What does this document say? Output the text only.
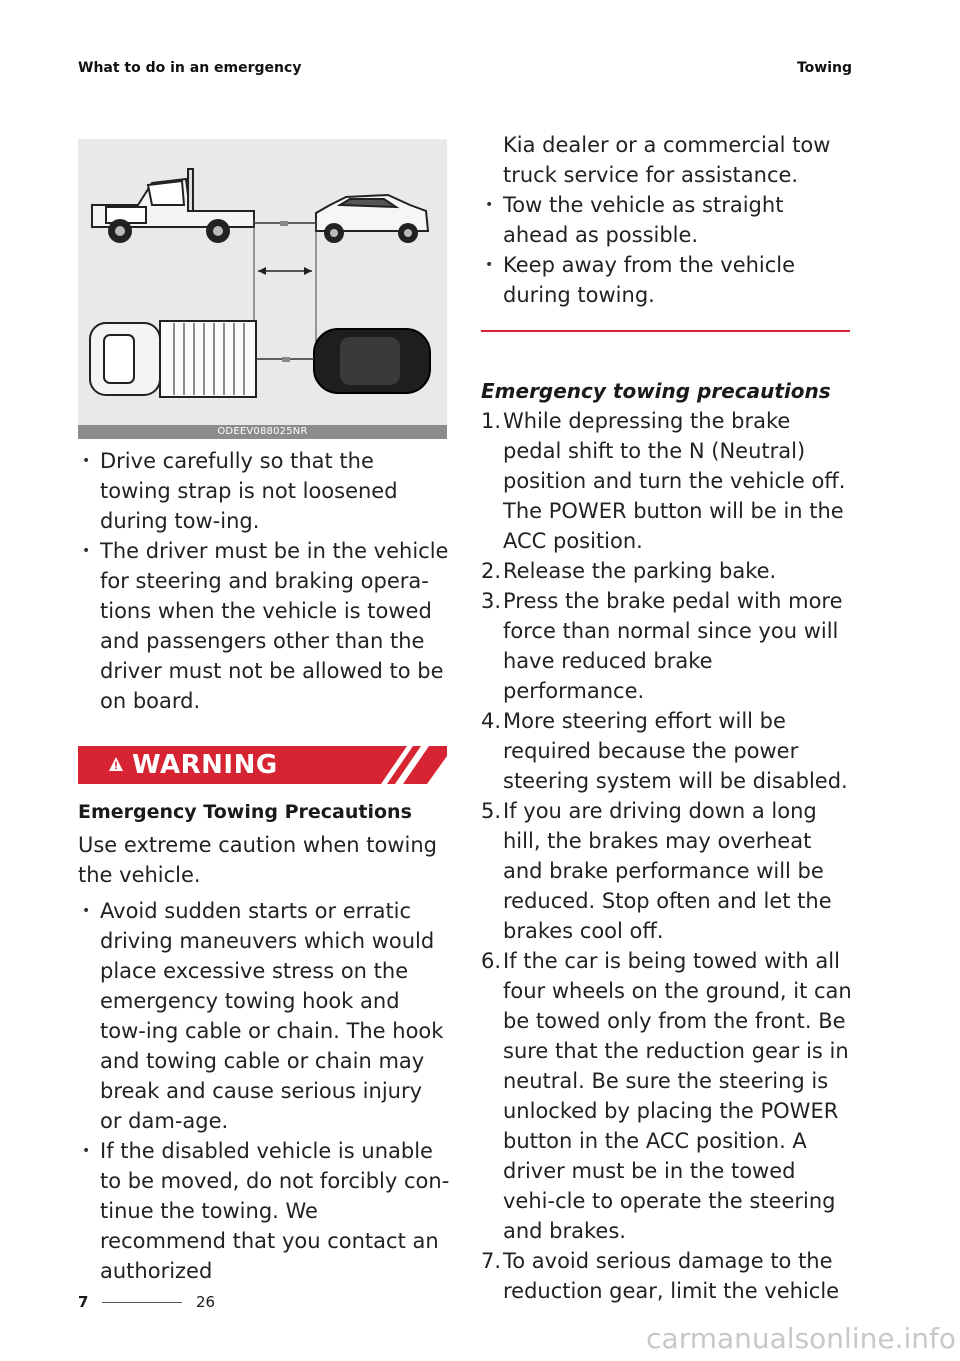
What to do in an emergency	Towing
ODEEV088025NR
• Drive carefully so that the towing strap is not loosened during tow-ing.
• The driver must be in the vehicle for steering and braking opera-tions when the vehicle is towed and passengers other than the driver must not be allowed to be on board.
WARNING
Emergency Towing Precautions
Use extreme caution when towing the vehicle.
• Avoid sudden starts or erratic driving maneuvers which would place excessive stress on the emergency towing hook and tow-ing cable or chain. The hook and towing cable or chain may break and cause serious injury or dam-age.
• If the disabled vehicle is unable to be moved, do not forcibly con-tinue the towing. We recommend that you contact an authorized
Kia dealer or a commercial tow truck service for assistance.
• Tow the vehicle as straight ahead as possible.
• Keep away from the vehicle during towing.
Emergency towing precautions
1. While depressing the brake pedal shift to the N (Neutral) position and turn the vehicle off. The POWER button will be in the ACC position.
2. Release the parking bake.
3. Press the brake pedal with more force than normal since you will have reduced brake performance.
4. More steering effort will be required because the power steering system will be disabled.
5. If you are driving down a long hill, the brakes may overheat and brake performance will be reduced. Stop often and let the brakes cool off.
6. If the car is being towed with all four wheels on the ground, it can be towed only from the front. Be sure that the reduction gear is in neutral. Be sure the steering is unlocked by placing the POWER button in the ACC position. A driver must be in the towed vehi-cle to operate the steering and brakes.
7. To avoid serious damage to the reduction gear, limit the vehicle
7	26
carmanualsonline.info
